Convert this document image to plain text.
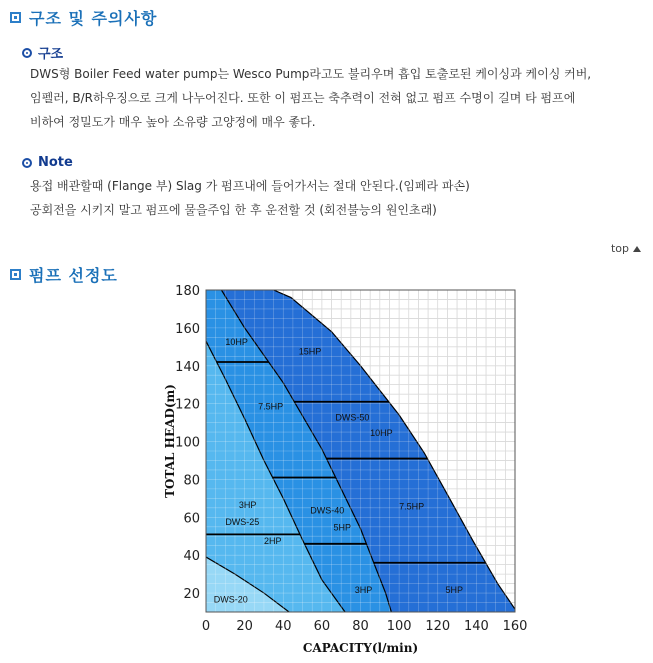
구조 및 주의사항
구조
DWS형 Boiler Feed water pump는 Wesco Pump라고도 불리우며 흡입 토출로된 케이싱과 케이싱 커버,
임펠러, B/R하우징으로 크게 나누어진다. 또한 이 펌프는 축추력이 전혀 없고 펌프 수명이 길며 타 펌프에
비하여 정밀도가 매우 높아 소유량 고양정에 매우 좋다.
Note
용접 배관할때 (Flange 부) Slag 가 펌프내에 들어가서는 절대 안된다.(임페라 파손)
공회전을 시키지 말고 펌프에 물을주입 한 후 운전할 것 (회전불능의 원인초래)
top
펌프 선정도
DWS-20
DWS-25
3HP
2HP
10HP
7.5HP
DWS-40
5HP
3HP
15HP
DWS-50
10HP
7.5HP
5HP
0 20 40 60 80 100 120 140 160
20
40
60
80
100
120
140
160
180
CAPACITY(l/min)
TOTAL HEAD(m)
